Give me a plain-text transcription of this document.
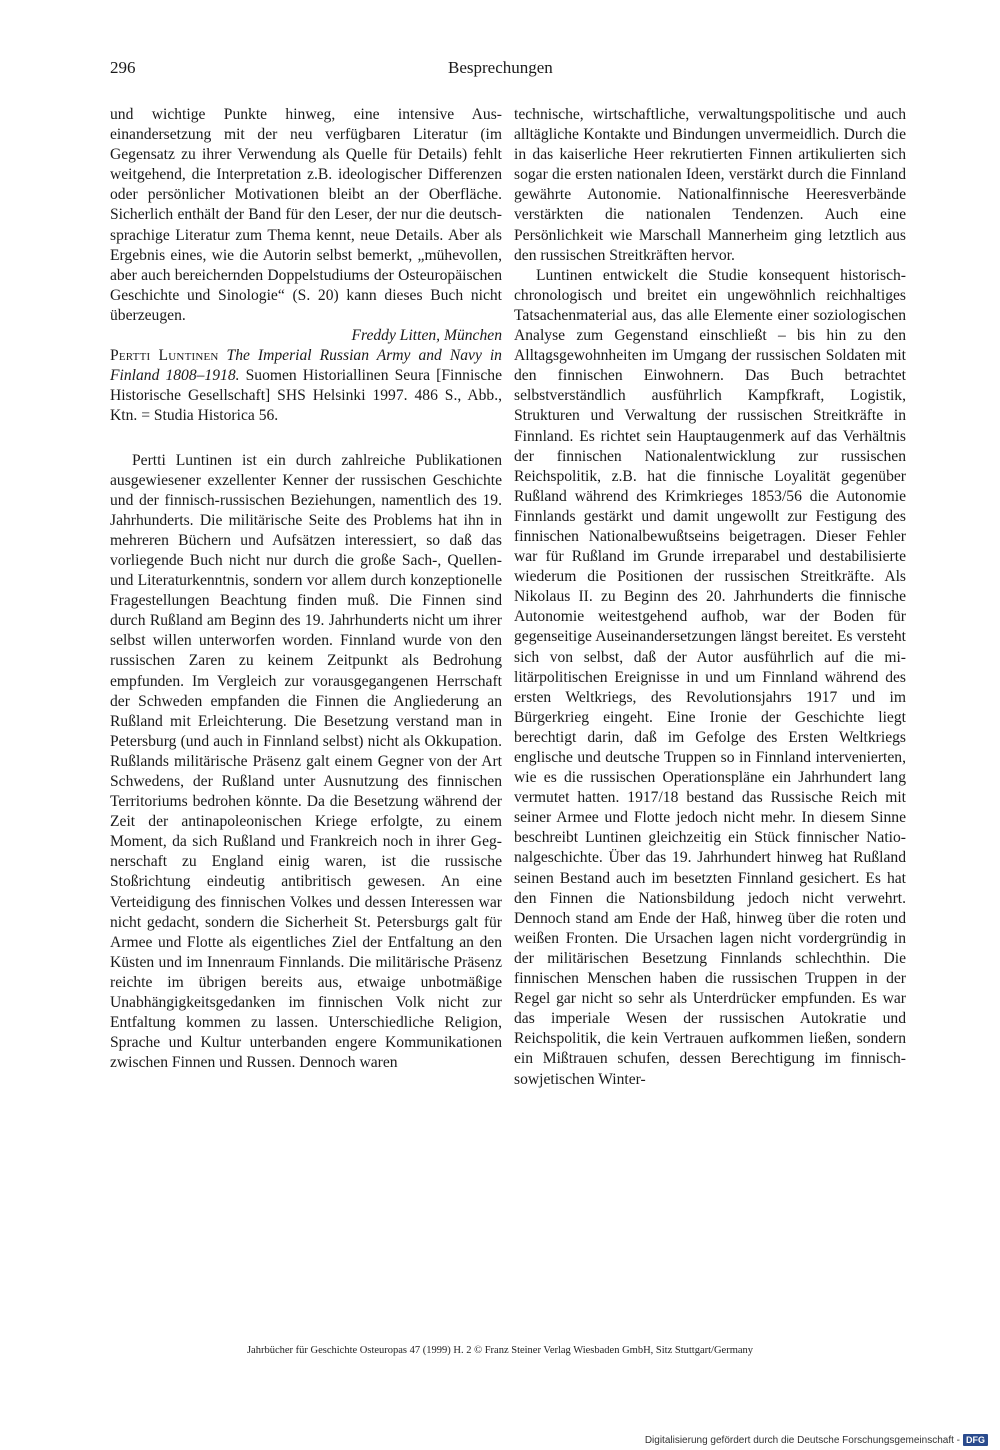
296	Besprechungen

und wichtige Punkte hinweg, eine intensive Auseinandersetzung mit der neu verfügbaren Literatur (im Gegensatz zu ihrer Verwendung als Quelle für Details) fehlt weitgehend, die Interpretation z.B. ideologischer Differenzen oder persönlicher Motivationen bleibt an der Oberfläche. Sicherlich enthält der Band für den Leser, der nur die deutschsprachige Literatur zum Thema kennt, neue Details. Aber als Ergebnis eines, wie die Autorin selbst bemerkt, „mühevollen, aber auch bereichernden Doppelstudiums der Osteuropäischen Geschichte und Sinologie“ (S. 20) kann dieses Buch nicht überzeugen.

Freddy Litten, München

Pertti Luntinen The Imperial Russian Army and Navy in Finland 1808–1918. Suomen Historiallinen Seura [Finnische Historische Gesellschaft] SHS Helsinki 1997. 486 S., Abb., Ktn. = Studia Historica 56.

Pertti Luntinen ist ein durch zahlreiche Publikationen ausgewiesener exzellenter Kenner der russischen Geschichte und der finnisch-russischen Beziehungen, namentlich des 19. Jahrhunderts. Die militärische Seite des Problems hat ihn in mehreren Büchern und Aufsätzen interessiert, so daß das vorliegende Buch nicht nur durch die große Sach-, Quellen- und Literaturkenntnis, sondern vor allem durch konzeptionelle Fragestellungen Beachtung finden muß. Die Finnen sind durch Rußland am Beginn des 19. Jahrhunderts nicht um ihrer selbst willen unterworfen worden. Finnland wurde von den russischen Zaren zu keinem Zeitpunkt als Bedrohung empfunden. Im Vergleich zur vorausgegangenen Herrschaft der Schweden empfanden die Finnen die Angliederung an Rußland mit Erleichterung. Die Besetzung verstand man in Petersburg (und auch in Finnland selbst) nicht als Okkupation. Rußlands militärische Präsenz galt einem Gegner von der Art Schwedens, der Rußland unter Ausnutzung des finnischen Territoriums bedrohen könnte. Da die Besetzung während der Zeit der antinapoleonischen Kriege erfolgte, zu einem Moment, da sich Rußland und Frankreich noch in ihrer Gegnerschaft zu England einig waren, ist die russische Stoßrichtung eindeutig antibritisch gewesen. An eine Verteidigung des finnischen Volkes und dessen Interessen war nicht gedacht, sondern die Sicherheit St. Petersburgs galt für Armee und Flotte als eigentliches Ziel der Entfaltung an den Küsten und im Innenraum Finnlands. Die militärische Präsenz reichte im übrigen bereits aus, etwaige unbotmäßige Unabhängigkeitsgedanken im finnischen Volk nicht zur Entfaltung kommen zu lassen. Unterschiedliche Religion, Sprache und Kultur unterbanden engere Kommunikationen zwischen Finnen und Russen. Dennoch waren

technische, wirtschaftliche, verwaltungspolitische und auch alltägliche Kontakte und Bindungen unvermeidlich. Durch die in das kaiserliche Heer rekrutierten Finnen artikulierten sich sogar die ersten nationalen Ideen, verstärkt durch die Finnland gewährte Autonomie. Nationalfinnische Heeresverbände verstärkten die nationalen Tendenzen. Auch eine Persönlichkeit wie Marschall Mannerheim ging letztlich aus den russischen Streitkräften hervor.

Luntinen entwickelt die Studie konsequent historisch-chronologisch und breitet ein ungewöhnlich reichhaltiges Tatsachenmaterial aus, das alle Elemente einer soziologischen Analyse zum Gegenstand einschließt – bis hin zu den Alltagsgewohnheiten im Umgang der russischen Soldaten mit den finnischen Einwohnern. Das Buch betrachtet selbstverständlich ausführlich Kampfkraft, Logistik, Strukturen und Verwaltung der russischen Streitkräfte in Finnland. Es richtet sein Hauptaugenmerk auf das Verhältnis der finnischen Nationalentwicklung zur russischen Reichspolitik, z.B. hat die finnische Loyalität gegenüber Rußland während des Krimkrieges 1853/​56 die Autonomie Finnlands gestärkt und damit ungewollt zur Festigung des finnischen Nationalbewußtseins beigetragen. Dieser Fehler war für Rußland im Grunde irreparabel und destabilisierte wiederum die Positionen der russischen Streitkräfte. Als Nikolaus II. zu Beginn des 20. Jahrhunderts die finnische Autonomie weitestgehend aufhob, war der Boden für gegenseitige Auseinandersetzungen längst bereitet. Es versteht sich von selbst, daß der Autor ausführlich auf die militärpolitischen Ereignisse in und um Finnland während des ersten Weltkriegs, des Revolutionsjahrs 1917 und im Bürgerkrieg eingeht. Eine Ironie der Geschichte liegt berechtigt darin, daß im Gefolge des Ersten Weltkriegs englische und deutsche Truppen so in Finnland intervenierten, wie es die russischen Operationspläne ein Jahrhundert lang vermutet hatten. 1917/18 bestand das Russische Reich mit seiner Armee und Flotte jedoch nicht mehr. In diesem Sinne beschreibt Luntinen gleichzeitig ein Stück finnischer Nationalgeschichte. Über das 19. Jahrhundert hinweg hat Rußland seinen Bestand auch im besetzten Finnland gesichert. Es hat den Finnen die Nationsbildung jedoch nicht verwehrt. Dennoch stand am Ende der Haß, hinweg über die roten und weißen Fronten. Die Ursachen lagen nicht vordergründig in der militärischen Besetzung Finnlands schlechthin. Die finnischen Menschen haben die russischen Truppen in der Regel gar nicht so sehr als Unterdrücker empfunden. Es war das imperiale Wesen der russischen Autokratie und Reichspolitik, die kein Vertrauen aufkommen ließen, sondern ein Mißtrauen schufen, dessen Berechtigung im finnisch-sowjetischen Winter-

Jahrbücher für Geschichte Osteuropas 47 (1999) H. 2 © Franz Steiner Verlag Wiesbaden GmbH, Sitz Stuttgart/Germany
Digitalisierung gefördert durch die Deutsche Forschungsgemeinschaft - DFG
